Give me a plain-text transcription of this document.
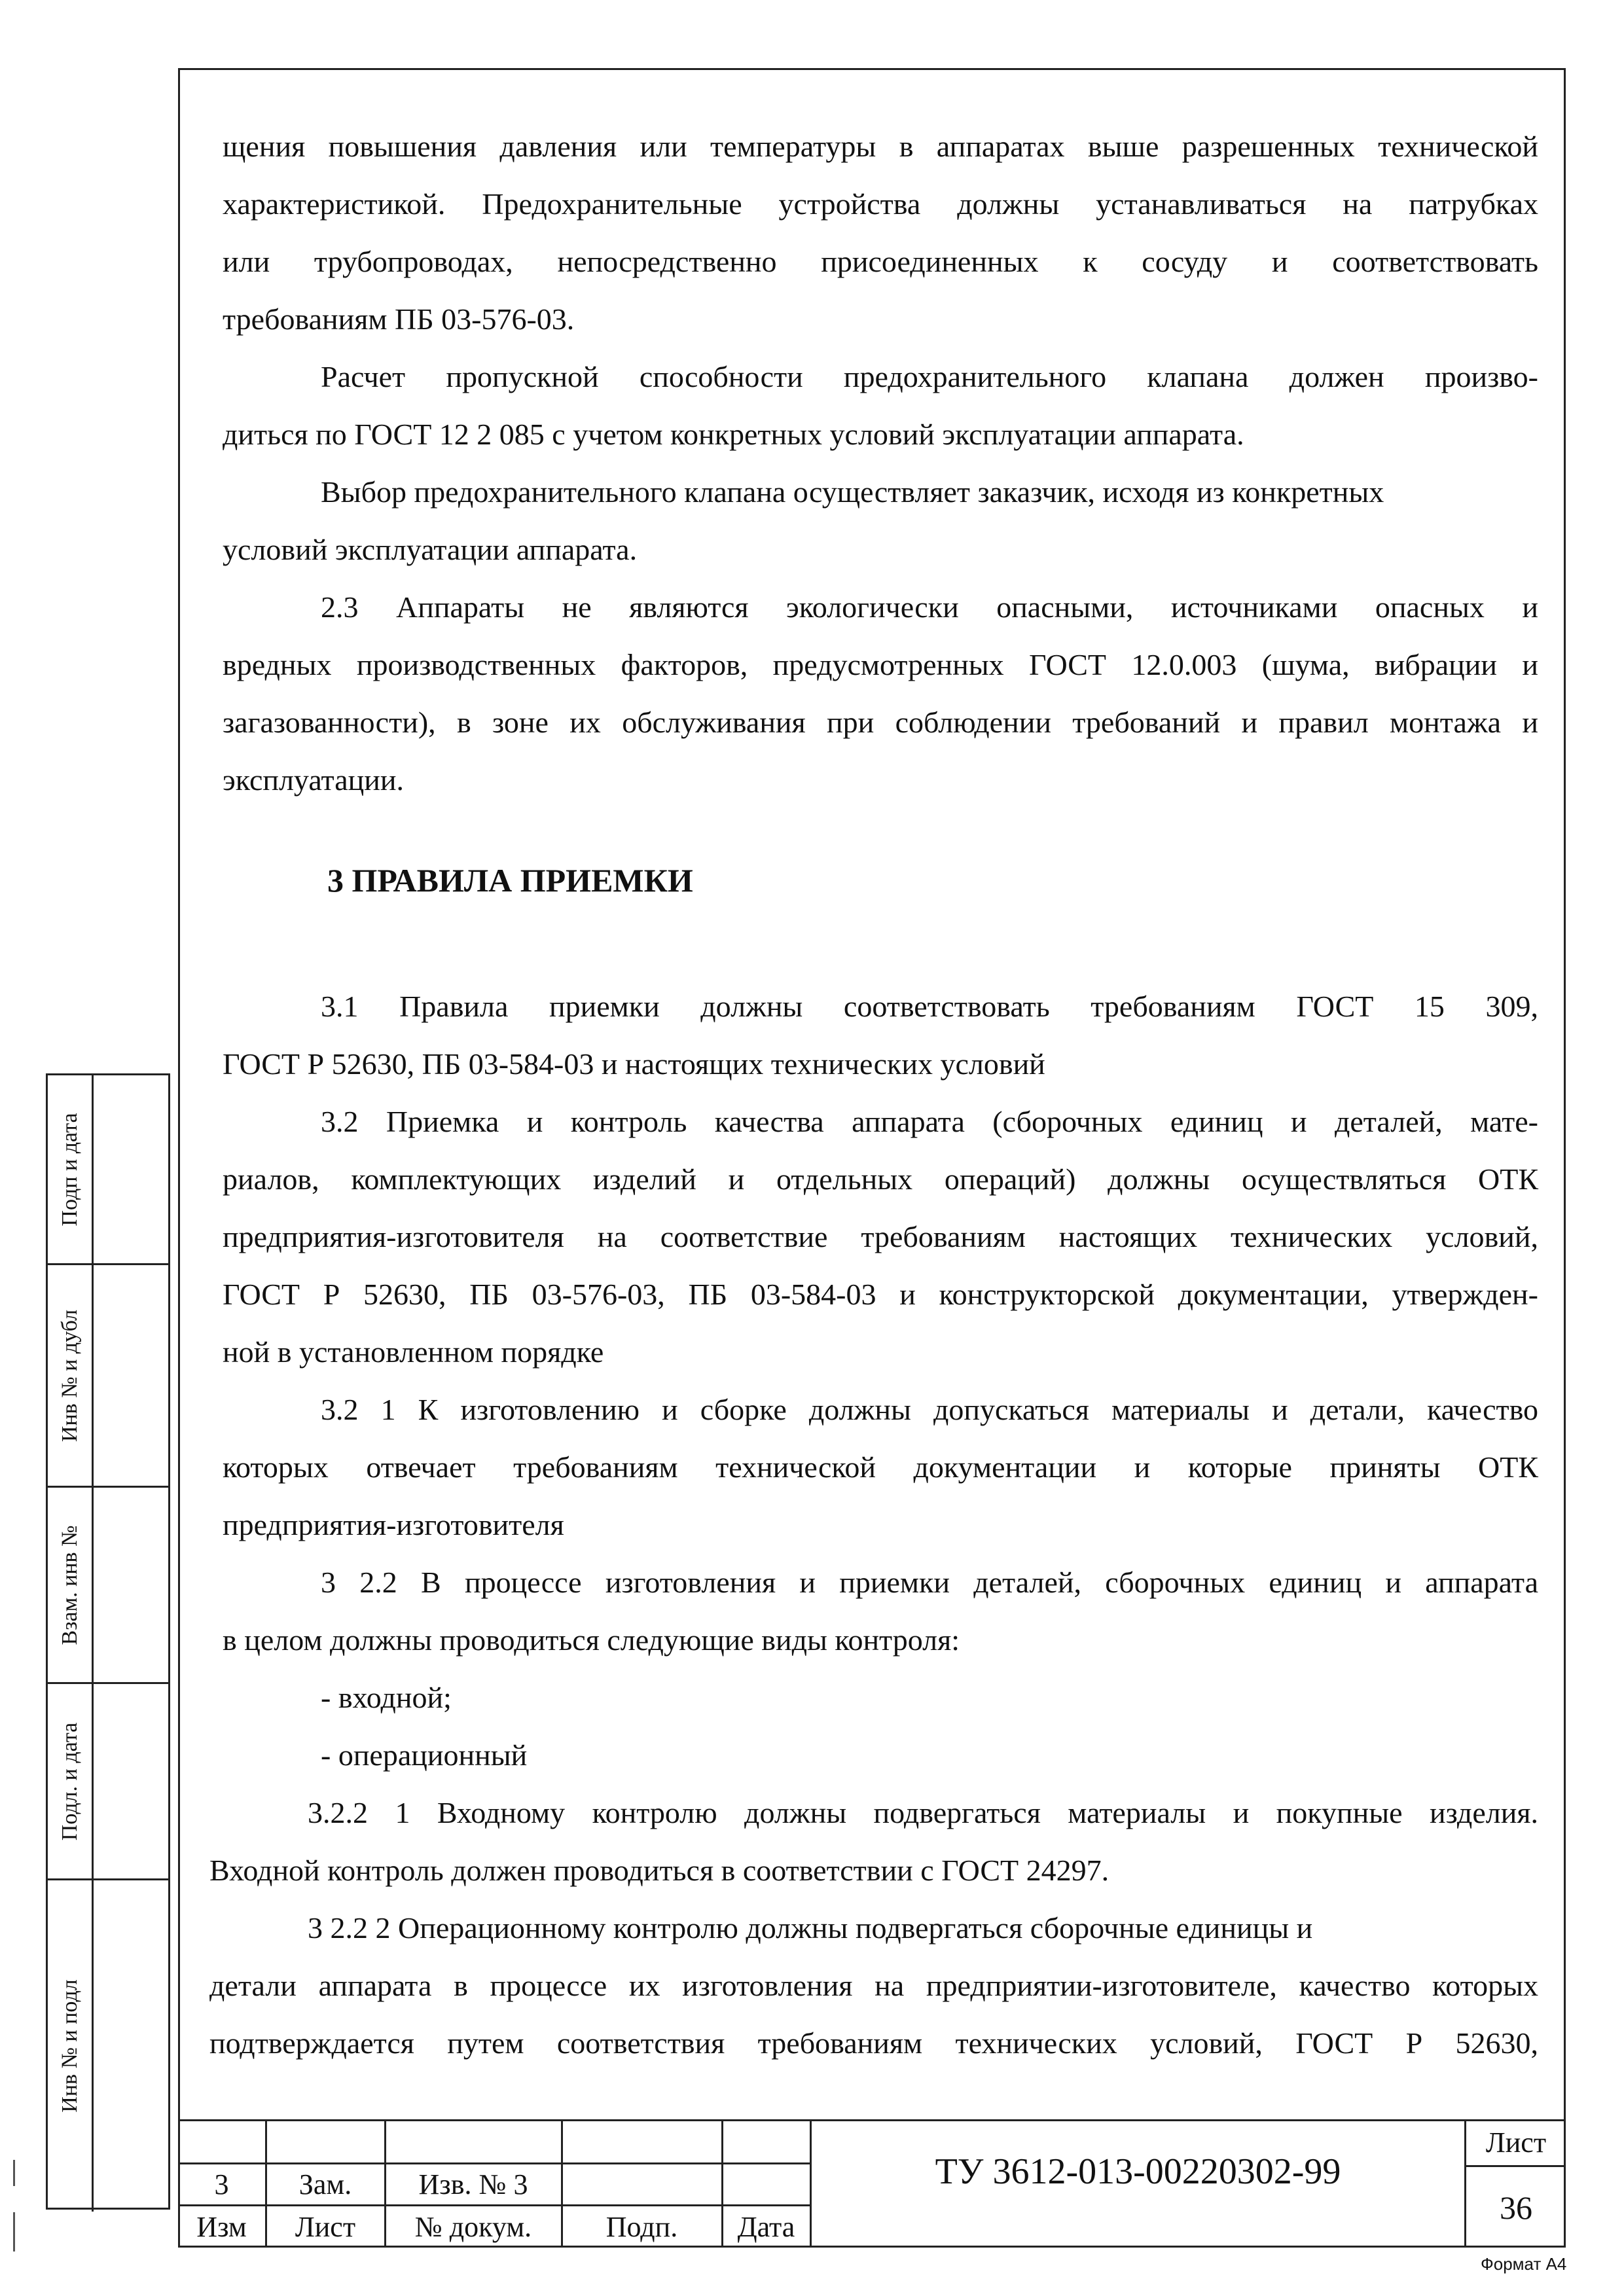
щения повышения давления или температуры в аппаратах выше разрешенных технической
характеристикой. Предохранительные устройства должны устанавливаться на патрубках
или трубопроводах, непосредственно присоединенных к сосуду и соответствовать
требованиям ПБ 03-576-03.
Расчет пропускной способности предохранительного клапана должен произво-
диться по ГОСТ 12 2 085 с учетом конкретных условий эксплуатации аппарата.
Выбор предохранительного клапана осуществляет заказчик, исходя из конкретных
условий эксплуатации аппарата.
2.3 Аппараты не являются экологически опасными, источниками опасных и
вредных производственных факторов, предусмотренных ГОСТ 12.0.003 (шума, вибрации и
загазованности), в зоне их обслуживания при соблюдении требований и правил монтажа и
эксплуатации.
3 ПРАВИЛА ПРИЕМКИ
3.1 Правила приемки должны соответствовать требованиям ГОСТ 15 309,
ГОСТ Р 52630, ПБ 03-584-03 и настоящих технических условий
3.2 Приемка и контроль качества аппарата (сборочных единиц и деталей, мате-
риалов, комплектующих изделий и отдельных операций) должны осуществляться ОТК
предприятия-изготовителя на соответствие требованиям настоящих технических условий,
ГОСТ Р 52630, ПБ 03-576-03, ПБ 03-584-03 и конструкторской документации, утвержден-
ной в установленном порядке
3.2 1 К изготовлению и сборке должны допускаться материалы и детали, качество
которых отвечает требованиям технической документации и которые приняты ОТК
предприятия-изготовителя
3 2.2 В процессе изготовления и приемки деталей, сборочных единиц и аппарата
в целом должны проводиться следующие виды контроля:
- входной;
- операционный
3.2.2 1 Входному контролю должны подвергаться материалы и покупные изделия.
Входной контроль должен проводиться в соответствии с ГОСТ 24297.
3 2.2 2 Операционному контролю должны подвергаться сборочные единицы и
детали аппарата в процессе их изготовления на предприятии-изготовителе, качество которых
подтверждается путем соответствия требованиям технических условий, ГОСТ Р 52630,
Подп и дата
Инв № и дубл
Взам. инв №
Подл. и дата
Инв № и подл
3	Зам.	Изв. № 3
Изм	Лист	№ докум.	Подп.	Дата
ТУ 3612-013-00220302-99
Лист
36
Формат А4
